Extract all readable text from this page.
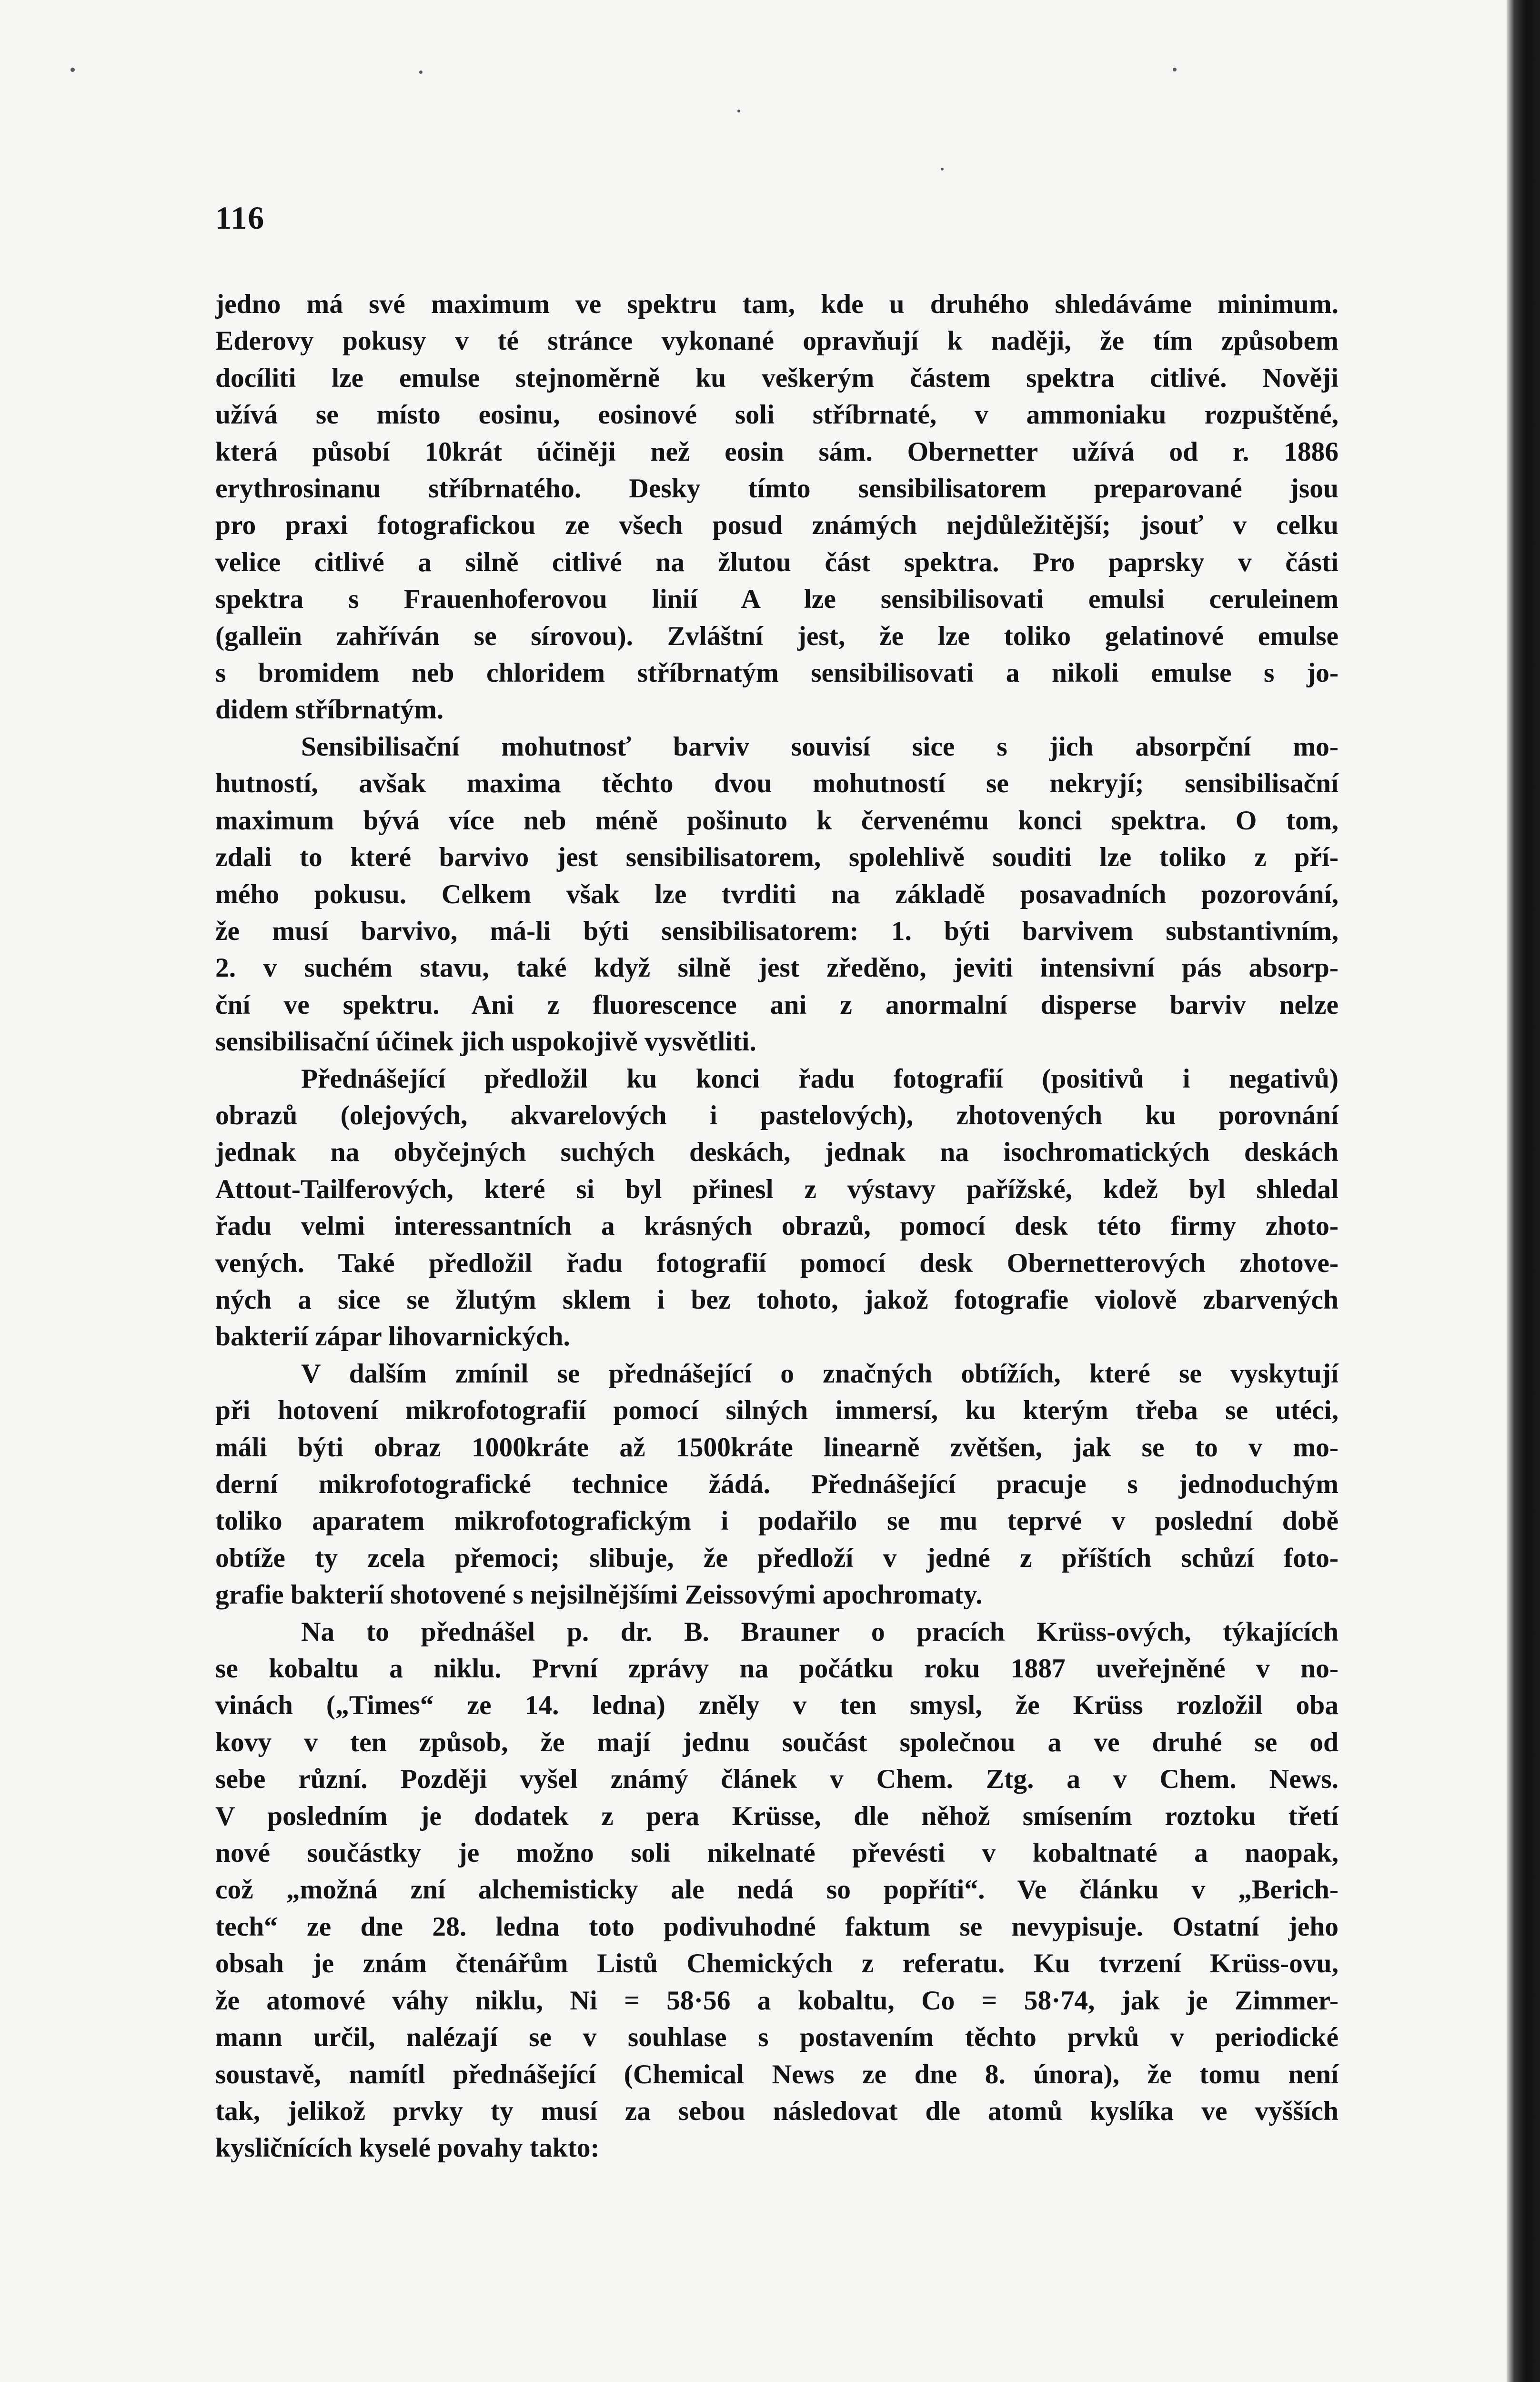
116

jedno má své maximum ve spektru tam, kde u druhého shledáváme minimum.

Ederovy pokusy v té stránce vykonané opravňují k naději, že tím způsobem

docíliti lze emulse stejnoměrně ku veškerým částem spektra citlivé. Nověji

užívá se místo eosinu, eosinové soli stříbrnaté, v ammoniaku rozpuštěné,

která působí 10krát účiněji než eosin sám. Obernetter užívá od r. 1886

erythrosinanu stříbrnatého. Desky tímto sensibilisatorem preparované jsou

pro praxi fotografickou ze všech posud známých nejdůležitější; jsouť v celku

velice citlivé a silně citlivé na žlutou část spektra. Pro paprsky v části

spektra s Frauenhoferovou linií A lze sensibilisovati emulsi ceruleinem

(galleïn zahříván se sírovou). Zvláštní jest, že lze toliko gelatinové emulse

s bromidem neb chloridem stříbrnatým sensibilisovati a nikoli emulse s jo-

didem stříbrnatým.

Sensibilisační mohutnosť barviv souvisí sice s jich absorpční mo-

hutností, avšak maxima těchto dvou mohutností se nekryjí; sensibilisační

maximum bývá více neb méně pošinuto k červenému konci spektra. O tom,

zdali to které barvivo jest sensibilisatorem, spolehlivě souditi lze toliko z pří-

mého pokusu. Celkem však lze tvrditi na základě posavadních pozorování,

že musí barvivo, má-li býti sensibilisatorem: 1. býti barvivem substantivním,

2. v suchém stavu, také když silně jest zředěno, jeviti intensivní pás absorp-

ční ve spektru. Ani z fluorescence ani z anormalní disperse barviv nelze

sensibilisační účinek jich uspokojivě vysvětliti.

Přednášející předložil ku konci řadu fotografií (positivů i negativů)

obrazů (olejových, akvarelových i pastelových), zhotovených ku porovnání

jednak na obyčejných suchých deskách, jednak na isochromatických deskách

Attout-Tailferových, které si byl přinesl z výstavy pařížské, kdež byl shledal

řadu velmi interessantních a krásných obrazů, pomocí desk této firmy zhoto-

vených. Také předložil řadu fotografií pomocí desk Obernetterových zhotove-

ných a sice se žlutým sklem i bez tohoto, jakož fotografie violově zbarvených

bakterií zápar lihovarnických.

V dalším zmínil se přednášející o značných obtížích, které se vyskytují

při hotovení mikrofotografií pomocí silných immersí, ku kterým třeba se utéci,

máli býti obraz 1000kráte až 1500kráte linearně zvětšen, jak se to v mo-

derní mikrofotografické technice žádá. Přednášející pracuje s jednoduchým

toliko aparatem mikrofotografickým i podařilo se mu teprvé v poslední době

obtíže ty zcela přemoci; slibuje, že předloží v jedné z příštích schůzí foto-

grafie bakterií shotovené s nejsilnějšími Zeissovými apochromaty.

Na to přednášel p. dr. B. Brauner o pracích Krüss-ových, týkajících

se kobaltu a niklu. První zprávy na počátku roku 1887 uveřejněné v no-

vinách („Times“ ze 14. ledna) zněly v ten smysl, že Krüss rozložil oba

kovy v ten způsob, že mají jednu součást společnou a ve druhé se od

sebe různí. Později vyšel známý článek v Chem. Ztg. a v Chem. News.

V posledním je dodatek z pera Krüsse, dle něhož smísením roztoku třetí

nové součástky je možno soli nikelnaté převésti v kobaltnaté a naopak,

což „možná zní alchemisticky ale nedá so popříti“. Ve článku v „Berich-

tech“ ze dne 28. ledna toto podivuhodné faktum se nevypisuje. Ostatní jeho

obsah je znám čtenářům Listů Chemických z referatu. Ku tvrzení Krüss-ovu,

že atomové váhy niklu, Ni = 58·56 a kobaltu, Co = 58·74, jak je Zimmer-

mann určil, nalézají se v souhlase s postavením těchto prvků v periodické

soustavě, namítl přednášející (Chemical News ze dne 8. února), že tomu není

tak, jelikož prvky ty musí za sebou následovat dle atomů kyslíka ve vyšších

kysličnících kyselé povahy takto:
